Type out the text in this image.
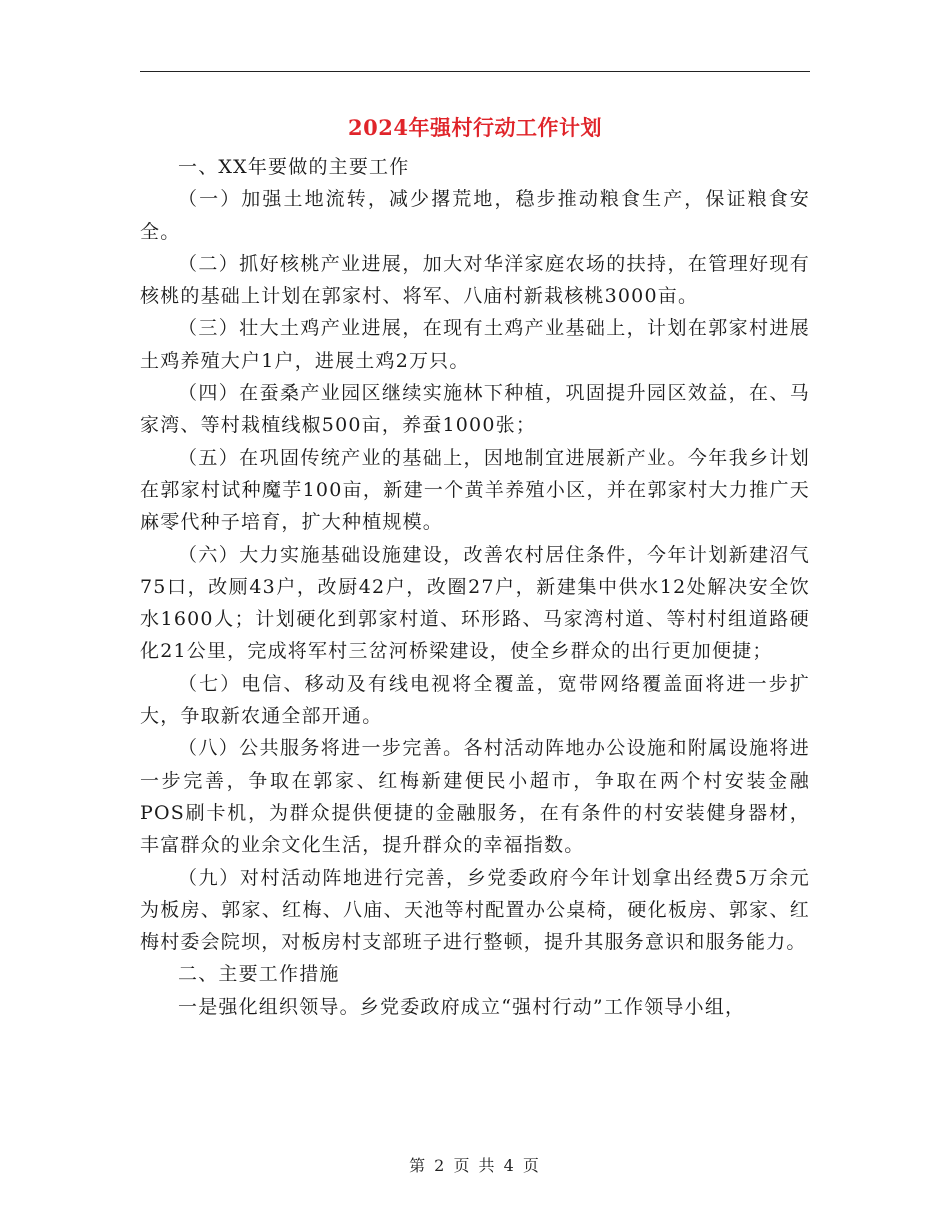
2024年强村行动工作计划

一、XX年要做的主要工作

（一）加强土地流转，减少撂荒地，稳步推动粮食生产，保证粮食安全。

（二）抓好核桃产业进展，加大对华洋家庭农场的扶持，在管理好现有核桃的基础上计划在郭家村、将军、八庙村新栽核桃3000亩。

（三）壮大土鸡产业进展，在现有土鸡产业基础上，计划在郭家村进展土鸡养殖大户1户，进展土鸡2万只。

（四）在蚕桑产业园区继续实施林下种植，巩固提升园区效益，在、马家湾、等村栽植线椒500亩，养蚕1000张；

（五）在巩固传统产业的基础上，因地制宜进展新产业。今年我乡计划在郭家村试种魔芋100亩，新建一个黄羊养殖小区，并在郭家村大力推广天麻零代种子培育，扩大种植规模。

（六）大力实施基础设施建设，改善农村居住条件，今年计划新建沼气75口，改厕43户，改厨42户，改圈27户，新建集中供水12处解决安全饮水1600人；计划硬化到郭家村道、环形路、马家湾村道、等村村组道路硬化21公里，完成将军村三岔河桥梁建设，使全乡群众的出行更加便捷；

（七）电信、移动及有线电视将全覆盖，宽带网络覆盖面将进一步扩大，争取新农通全部开通。

（八）公共服务将进一步完善。各村活动阵地办公设施和附属设施将进一步完善，争取在郭家、红梅新建便民小超市，争取在两个村安装金融POS刷卡机，为群众提供便捷的金融服务，在有条件的村安装健身器材，丰富群众的业余文化生活，提升群众的幸福指数。

（九）对村活动阵地进行完善，乡党委政府今年计划拿出经费5万余元为板房、郭家、红梅、八庙、天池等村配置办公桌椅，硬化板房、郭家、红梅村委会院坝，对板房村支部班子进行整顿，提升其服务意识和服务能力。

二、主要工作措施

一是强化组织领导。乡党委政府成立“强村行动”工作领导小组，

第 2 页 共 4 页
